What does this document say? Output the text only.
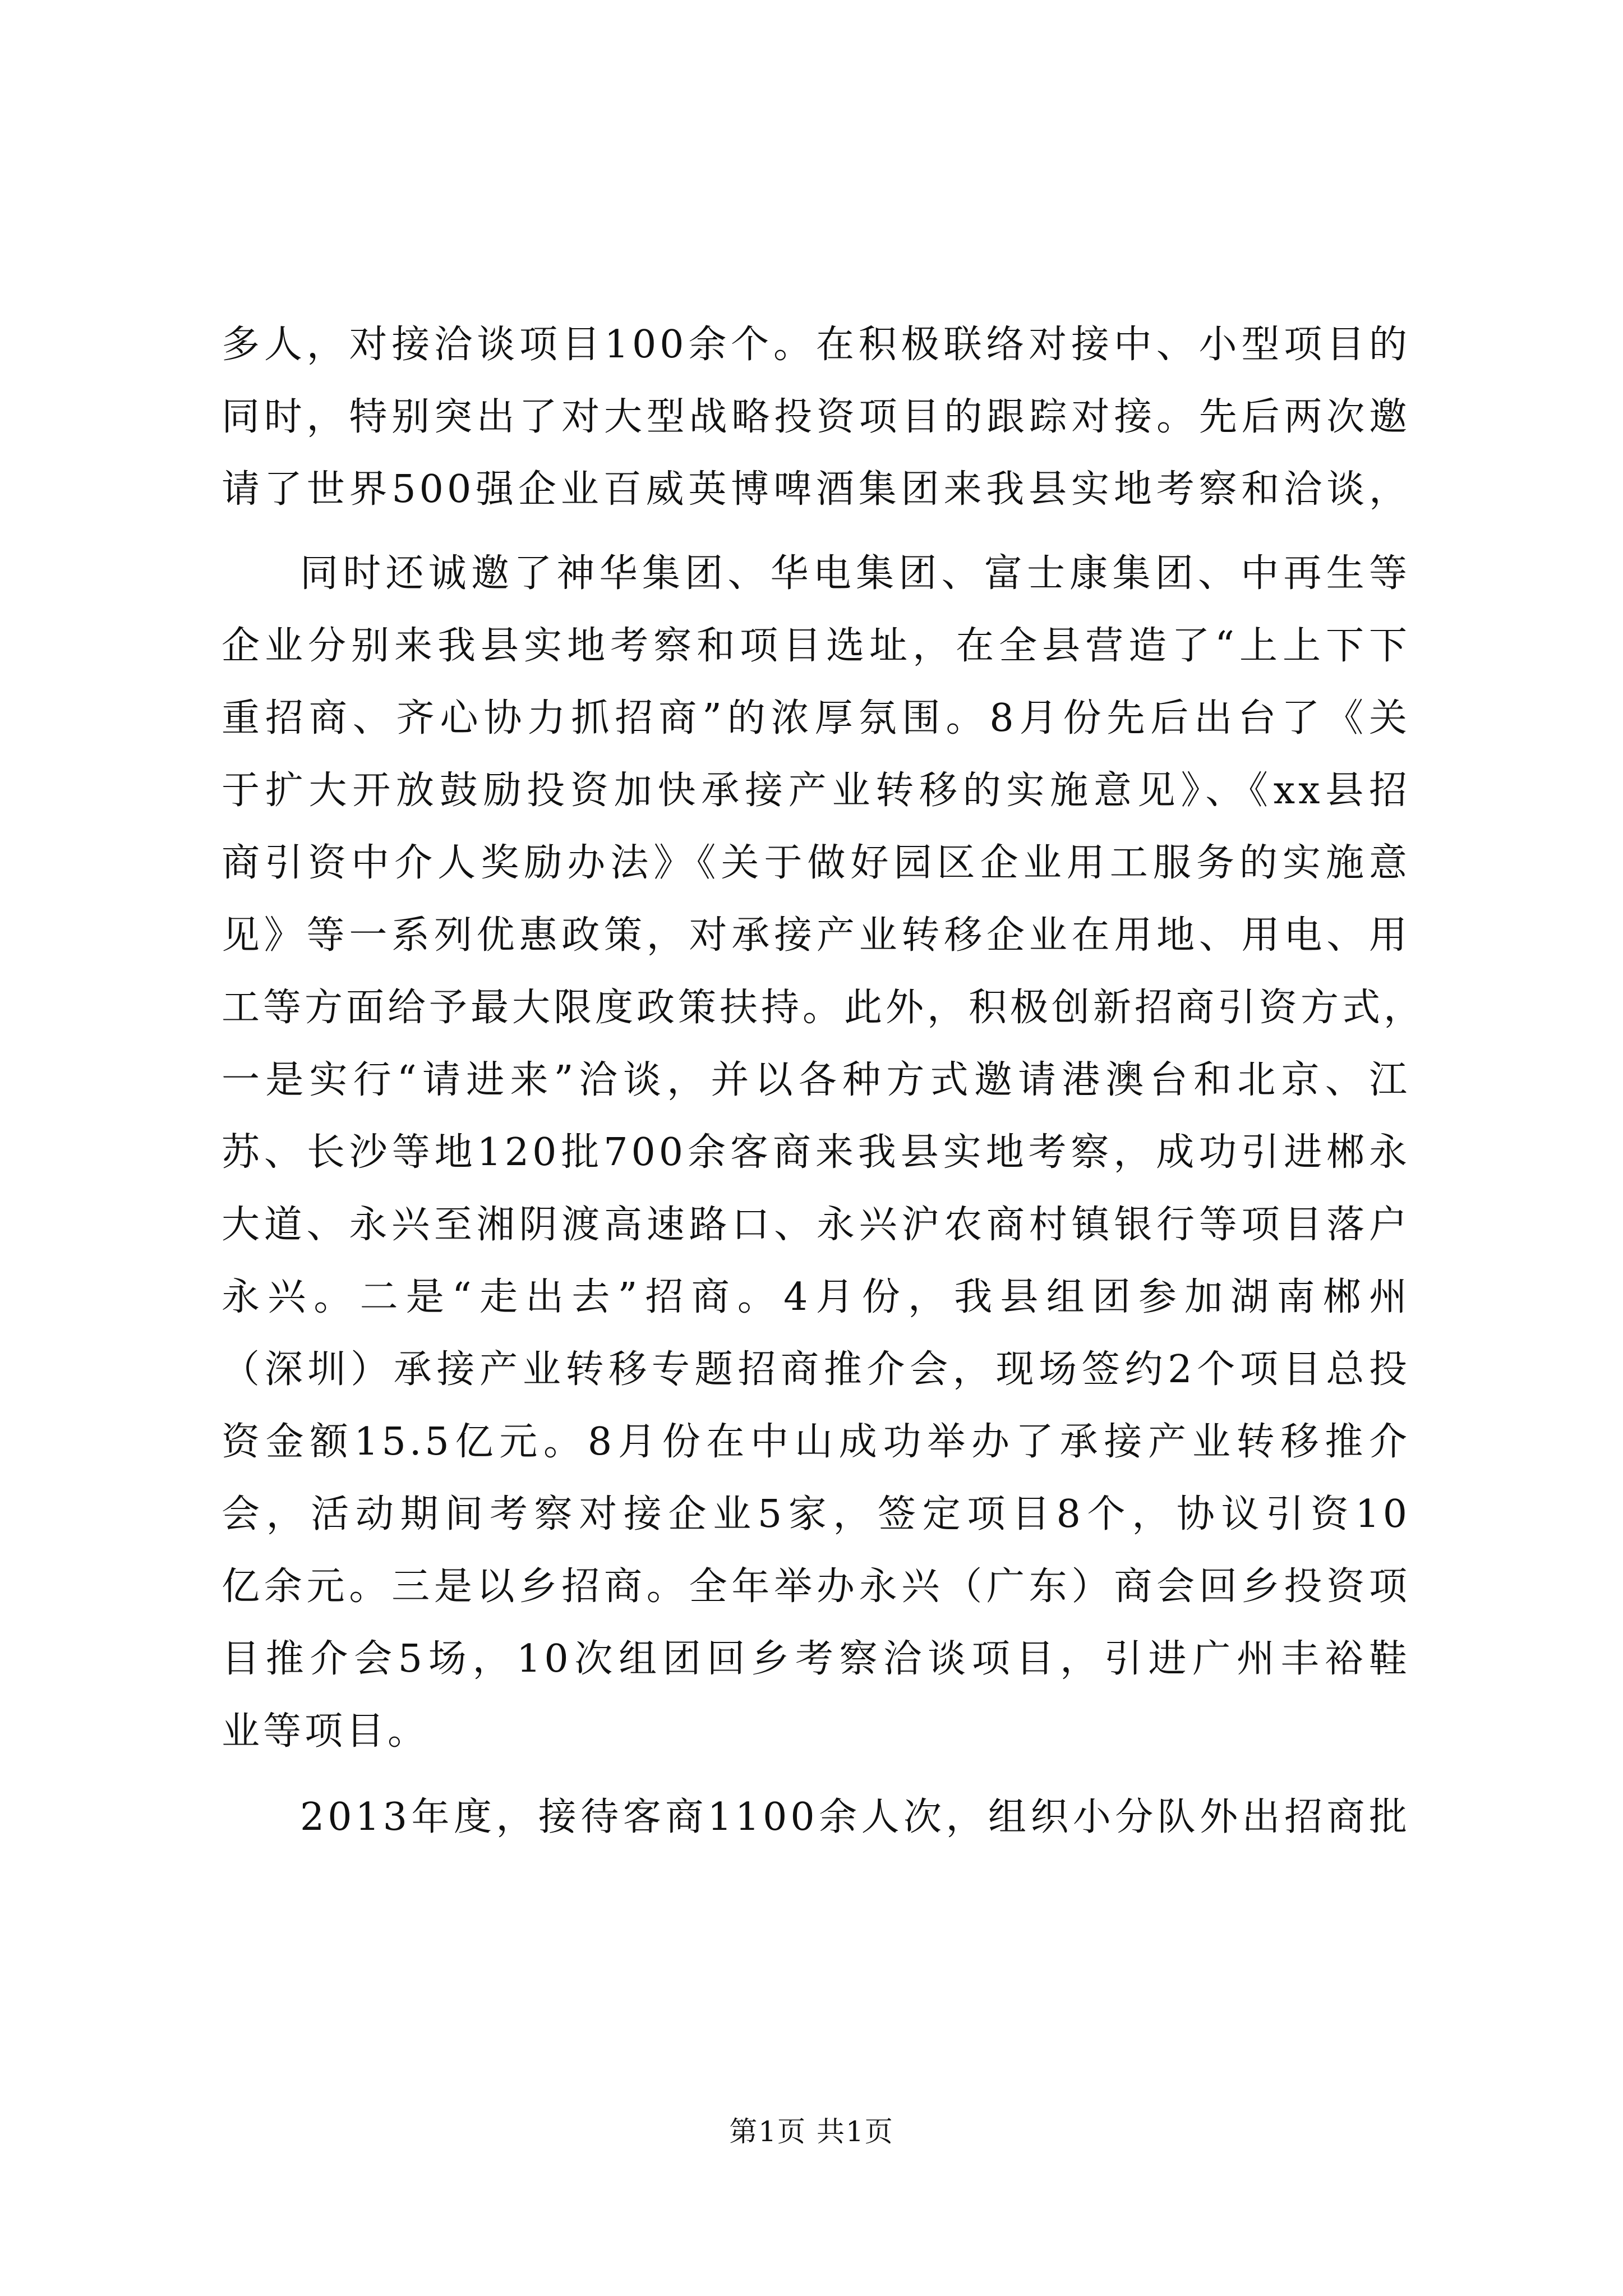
多人，对接洽谈项目100余个。在积极联络对接中、小型项目的
同时，特别突出了对大型战略投资项目的跟踪对接。先后两次邀
请了世界500强企业百威英博啤酒集团来我县实地考察和洽谈，
同时还诚邀了神华集团、华电集团、富士康集团、中再生等
企业分别来我县实地考察和项目选址，在全县营造了“上上下下
重招商、齐心协力抓招商”的浓厚氛围。8月份先后出台了《关
于扩大开放鼓励投资加快承接产业转移的实施意见》、《xx县招
商引资中介人奖励办法》《关于做好园区企业用工服务的实施意
见》等一系列优惠政策，对承接产业转移企业在用地、用电、用
工等方面给予最大限度政策扶持。此外，积极创新招商引资方式，
一是实行“请进来”洽谈，并以各种方式邀请港澳台和北京、江
苏、长沙等地120批700余客商来我县实地考察，成功引进郴永
大道、永兴至湘阴渡高速路口、永兴沪农商村镇银行等项目落户
永兴。二是“走出去”招商。4月份，我县组团参加湖南郴州
（深圳）承接产业转移专题招商推介会，现场签约2个项目总投
资金额15.5亿元。8月份在中山成功举办了承接产业转移推介
会，活动期间考察对接企业5家，签定项目8个，协议引资10
亿余元。三是以乡招商。全年举办永兴（广东）商会回乡投资项
目推介会5场，10次组团回乡考察洽谈项目，引进广州丰裕鞋
业等项目。
2013年度，接待客商1100余人次，组织小分队外出招商批
第1页 共1页
